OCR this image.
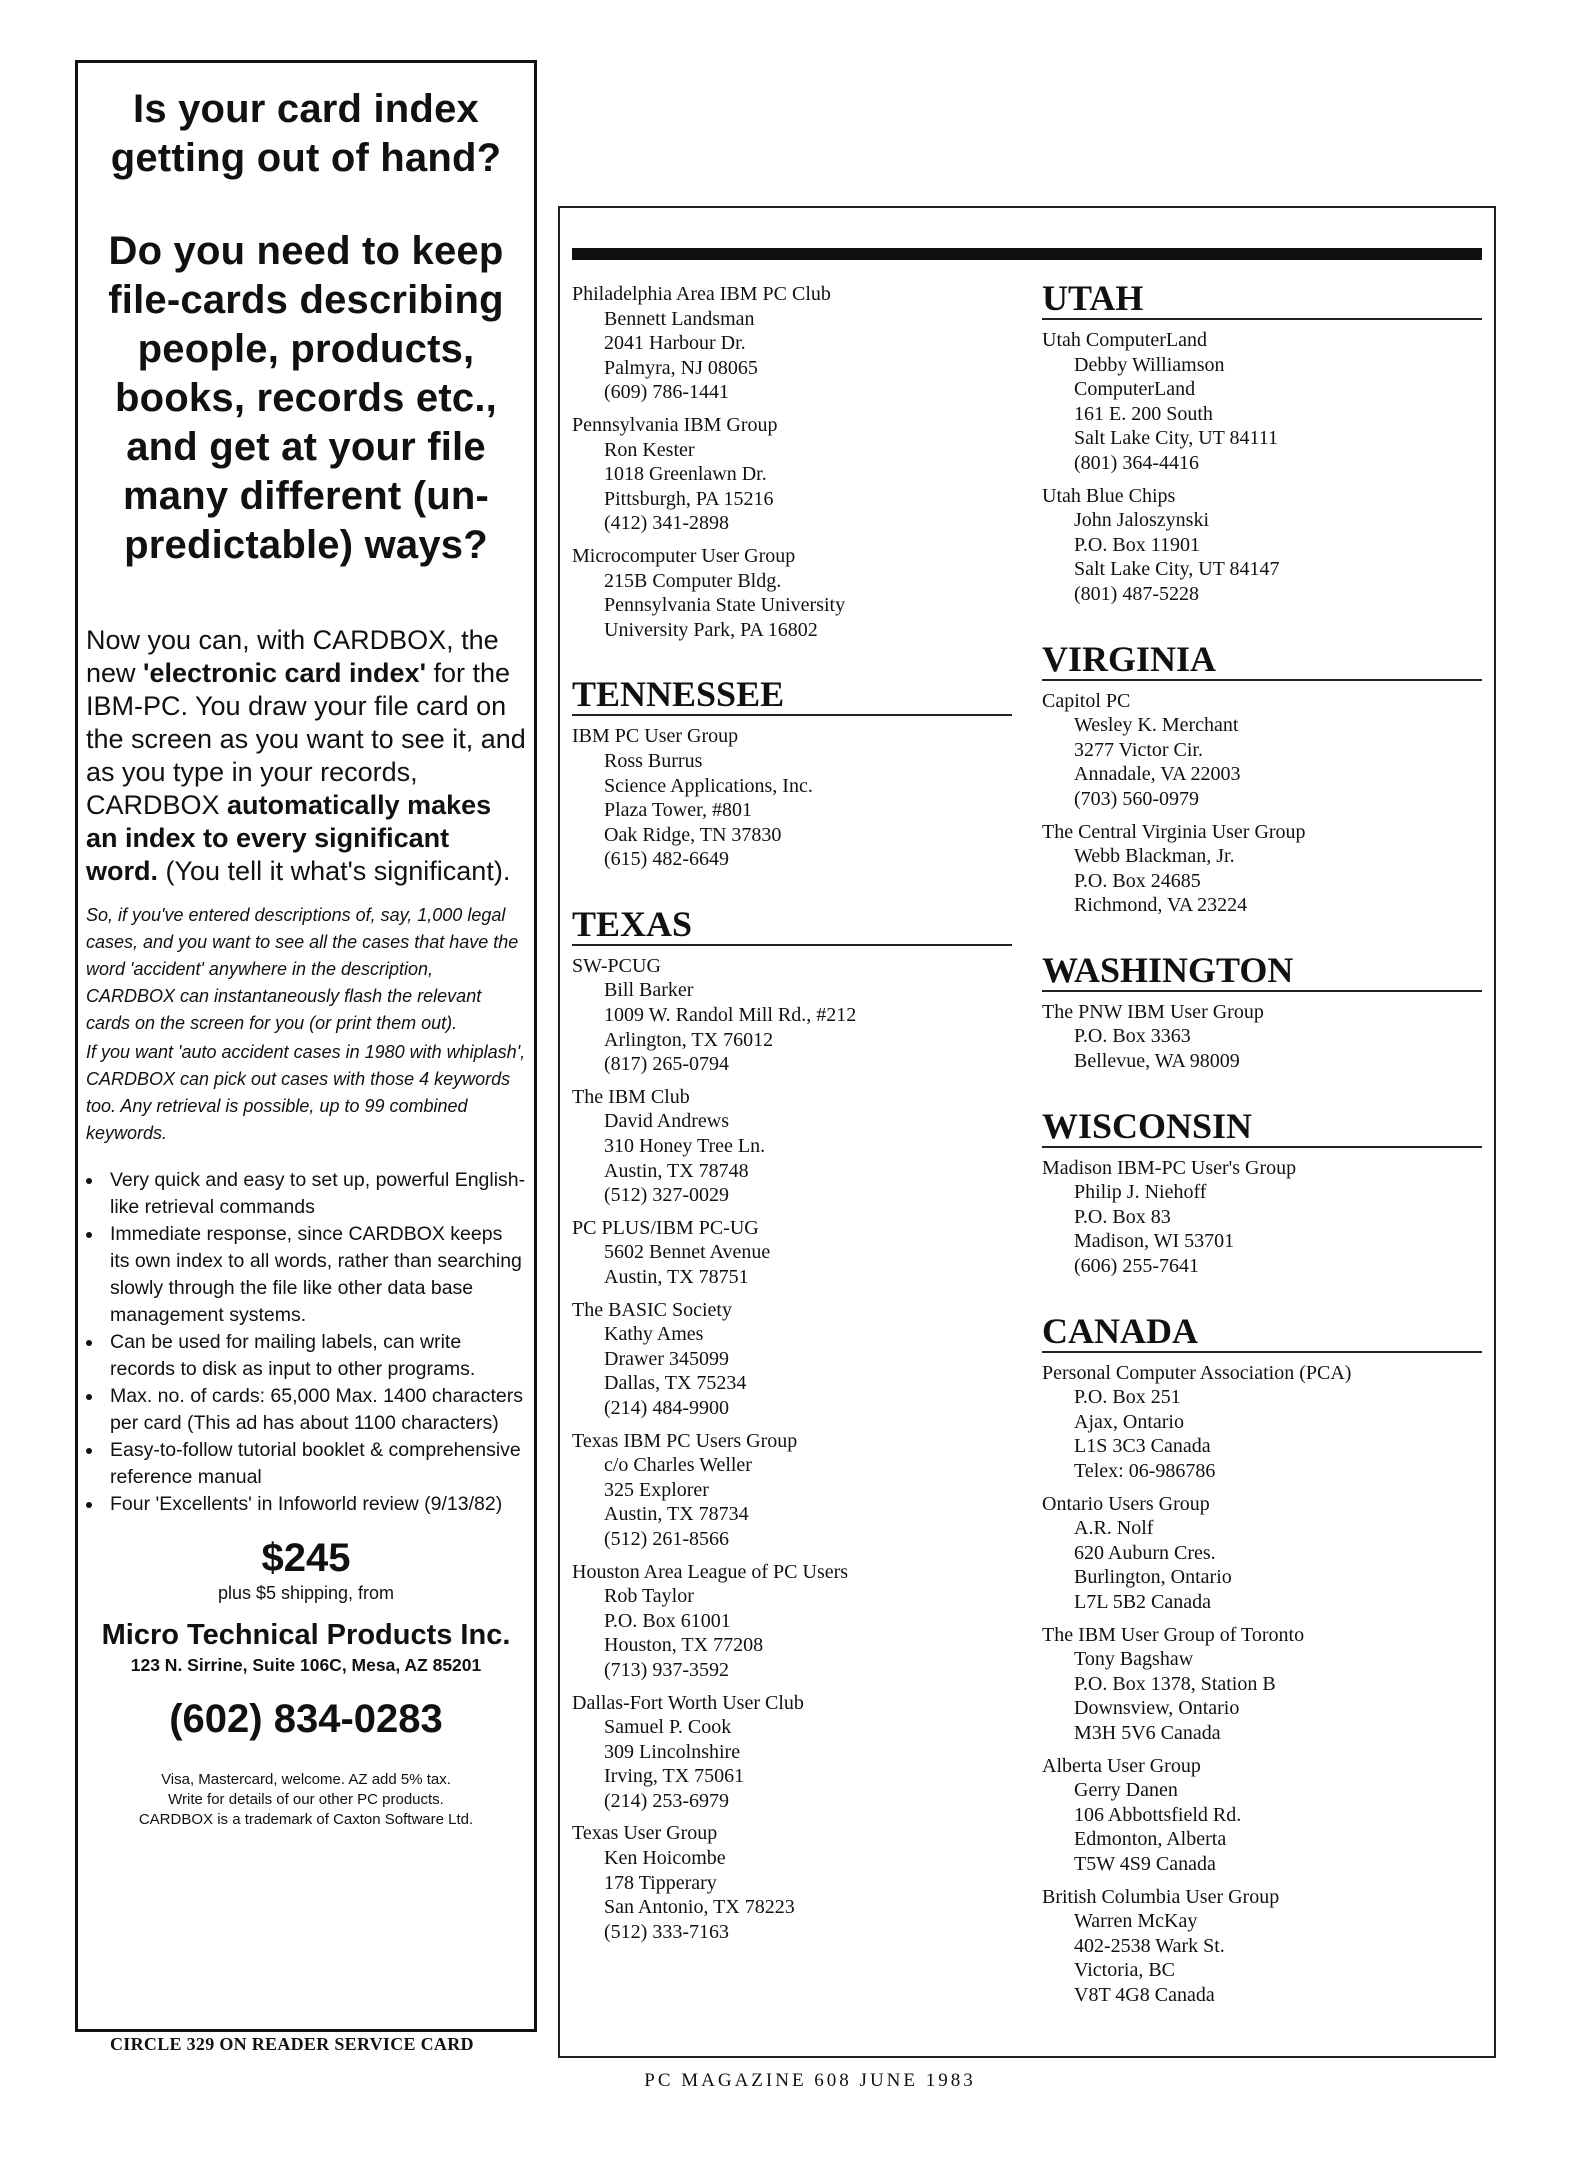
Is your card index getting out of hand?
Do you need to keep file-cards describing people, products, books, records etc., and get at your file many different (un-predictable) ways?

Now you can, with CARDBOX, the new 'electronic card index' for the IBM-PC. You draw your file card on the screen as you want to see it, and as you type in your records, CARDBOX automatically makes an index to every significant word. (You tell it what's significant).

So, if you've entered descriptions of, say, 1,000 legal cases, and you want to see all the cases that have the word 'accident' anywhere in the description, CARDBOX can instantaneously flash the relevant cards on the screen for you (or print them out).

If you want 'auto accident cases in 1980 with whiplash', CARDBOX can pick out cases with those 4 keywords too. Any retrieval is possible, up to 99 combined keywords.

• Very quick and easy to set up, powerful English-like retrieval commands
• Immediate response, since CARDBOX keeps its own index to all words, rather than searching slowly through the file like other data base management systems.
• Can be used for mailing labels, can write records to disk as input to other programs.
• Max. no. of cards: 65,000 Max. 1400 characters per card (This ad has about 1100 characters)
• Easy-to-follow tutorial booklet & comprehensive reference manual
• Four 'Excellents' in Infoworld review (9/13/82)
$245
plus $5 shipping, from
Micro Technical Products Inc.
123 N. Sirrine, Suite 106C, Mesa, AZ 85201
(602) 834-0283
Visa, Mastercard, welcome. AZ add 5% tax.
Write for details of our other PC products.
CARDBOX is a trademark of Caxton Software Ltd.
CIRCLE 329 ON READER SERVICE CARD
Philadelphia Area IBM PC Club
Bennett Landsman
2041 Harbour Dr.
Palmyra, NJ 08065
(609) 786-1441
Pennsylvania IBM Group
Ron Kester
1018 Greenlawn Dr.
Pittsburgh, PA 15216
(412) 341-2898
Microcomputer User Group
215B Computer Bldg.
Pennsylvania State University
University Park, PA 16802
TENNESSEE
IBM PC User Group
Ross Burrus
Science Applications, Inc.
Plaza Tower, #801
Oak Ridge, TN 37830
(615) 482-6649
TEXAS
SW-PCUG
Bill Barker
1009 W. Randol Mill Rd., #212
Arlington, TX 76012
(817) 265-0794
The IBM Club
David Andrews
310 Honey Tree Ln.
Austin, TX 78748
(512) 327-0029
PC PLUS/IBM PC-UG
5602 Bennet Avenue
Austin, TX 78751
The BASIC Society
Kathy Ames
Drawer 345099
Dallas, TX 75234
(214) 484-9900
Texas IBM PC Users Group
c/o Charles Weller
325 Explorer
Austin, TX 78734
(512) 261-8566
Houston Area League of PC Users
Rob Taylor
P.O. Box 61001
Houston, TX 77208
(713) 937-3592
Dallas-Fort Worth User Club
Samuel P. Cook
309 Lincolnshire
Irving, TX 75061
(214) 253-6979
Texas User Group
Ken Hoicombe
178 Tipperary
San Antonio, TX 78223
(512) 333-7163
UTAH
Utah ComputerLand
Debby Williamson
ComputerLand
161 E. 200 South
Salt Lake City, UT 84111
(801) 364-4416
Utah Blue Chips
John Jaloszynski
P.O. Box 11901
Salt Lake City, UT 84147
(801) 487-5228
VIRGINIA
Capitol PC
Wesley K. Merchant
3277 Victor Cir.
Annadale, VA 22003
(703) 560-0979
The Central Virginia User Group
Webb Blackman, Jr.
P.O. Box 24685
Richmond, VA 23224
WASHINGTON
The PNW IBM User Group
P.O. Box 3363
Bellevue, WA 98009
WISCONSIN
Madison IBM-PC User's Group
Philip J. Niehoff
P.O. Box 83
Madison, WI 53701
(606) 255-7641
CANADA
Personal Computer Association (PCA)
P.O. Box 251
Ajax, Ontario
L1S 3C3 Canada
Telex: 06-986786
Ontario Users Group
A.R. Nolf
620 Auburn Cres.
Burlington, Ontario
L7L 5B2 Canada
The IBM User Group of Toronto
Tony Bagshaw
P.O. Box 1378, Station B
Downsview, Ontario
M3H 5V6 Canada
Alberta User Group
Gerry Danen
106 Abbottsfield Rd.
Edmonton, Alberta
T5W 4S9 Canada
British Columbia User Group
Warren McKay
402-2538 Wark St.
Victoria, BC
V8T 4G8 Canada
PC MAGAZINE 608 JUNE 1983
